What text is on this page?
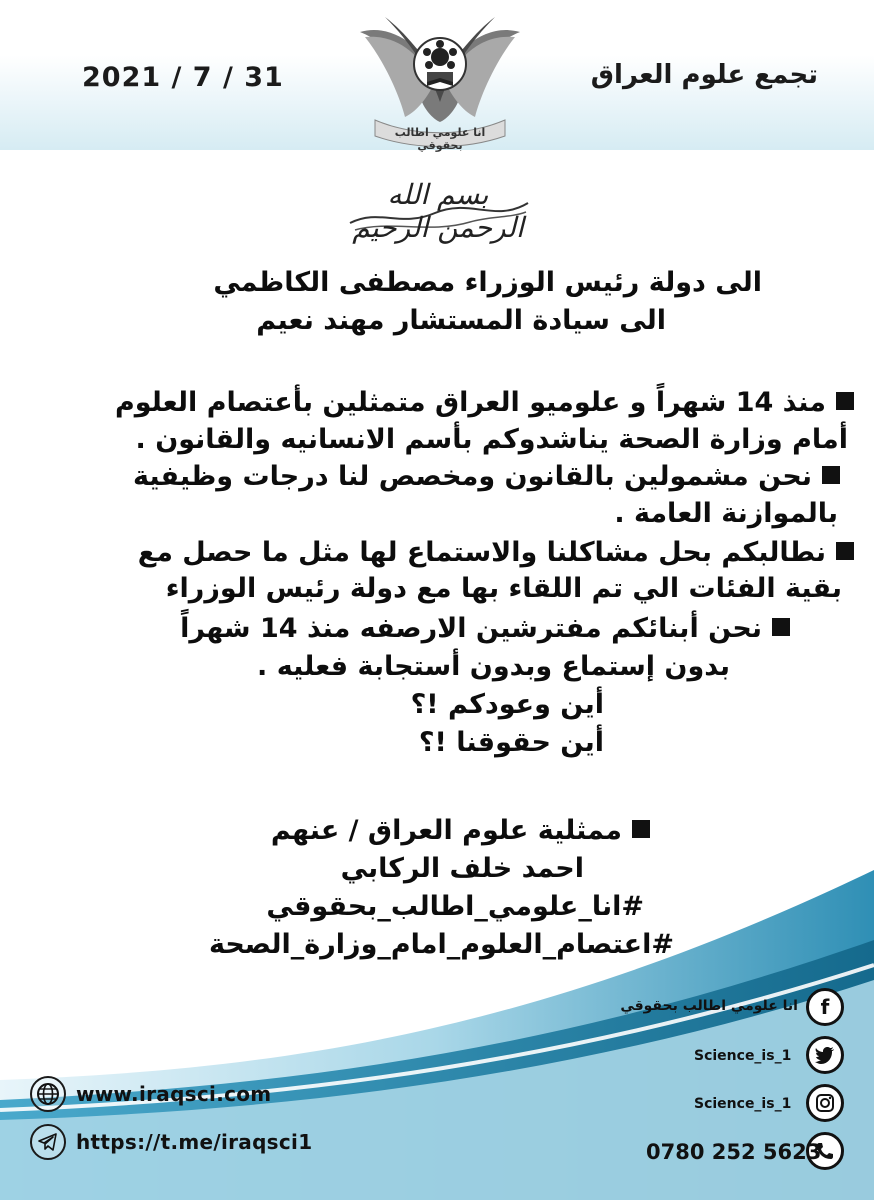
2021 / 7 / 31	تجمع علوم العراق
انا علومي اطالب بحقوقي
بسم الله الرحمن الرحيم
الى دولة رئيس الوزراء مصطفى الكاظمي
الى سيادة المستشار مهند نعيم
منذ 14 شهراً و علوميو العراق متمثلين بأعتصام العلوم
أمام وزارة الصحة يناشدوكم بأسم الانسانيه والقانون .
نحن مشمولين بالقانون ومخصص لنا درجات وظيفية
بالموازنة العامة .
نطالبكم بحل مشاكلنا والاستماع لها مثل ما حصل مع
بقية الفئات الي تم اللقاء بها مع دولة رئيس الوزراء
نحن أبنائكم مفترشين الارصفه منذ 14 شهراً
بدون إستماع وبدون أستجابة فعليه .
أين وعودكم !؟
أين حقوقنا !؟
ممثلية علوم العراق / عنهم
احمد خلف الركابي
#انا_علومي_اطالب_بحقوقي
#اعتصام_العلوم_امام_وزارة_الصحة
f
انا علومي اطالب بحقوقي
Science_is_1
Science_is_1
0780 252 5623
www.iraqsci.com
https://t.me/iraqsci1
